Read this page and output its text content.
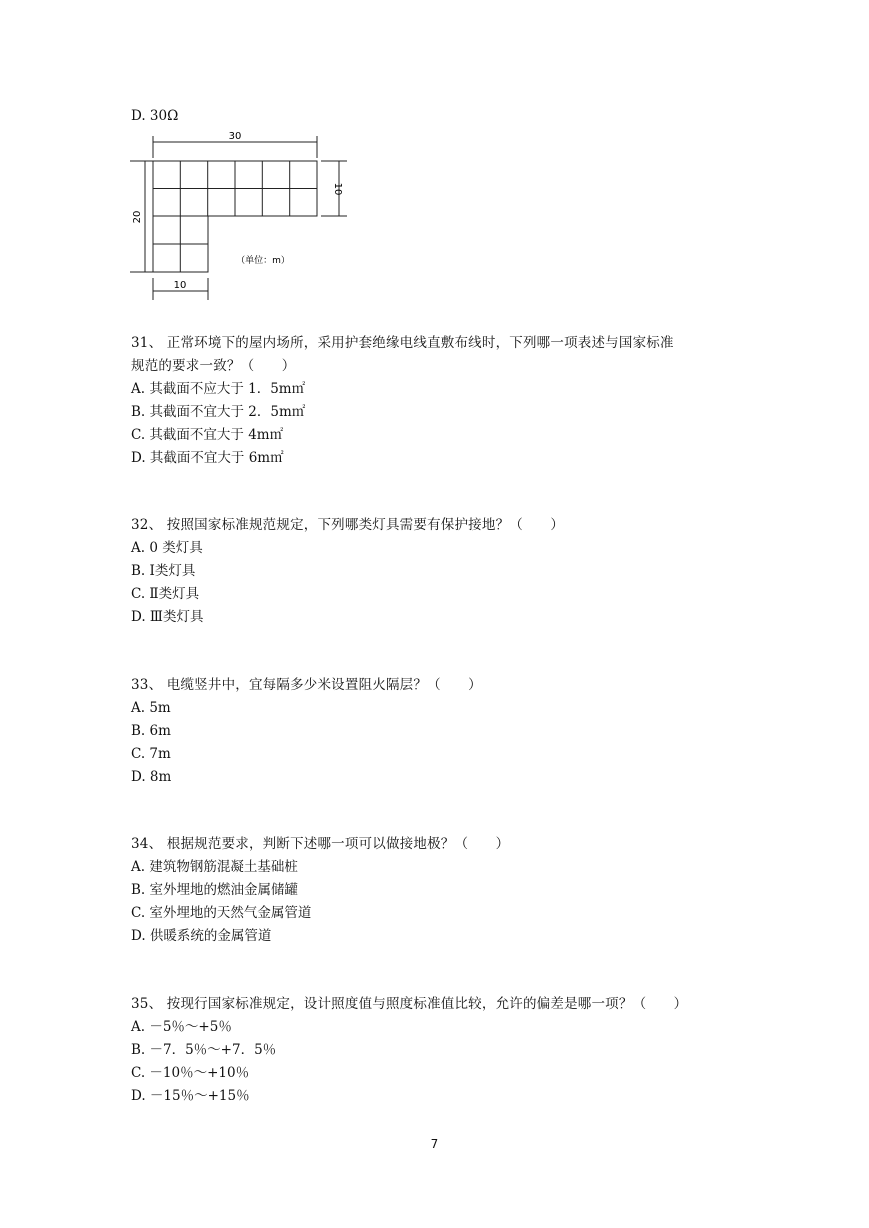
D. 30Ω
30
10
20
10
（单位：m）
31、 正常环境下的屋内场所，采用护套绝缘电线直敷布线时，下列哪一项表述与国家标准
规范的要求一致？（　　）
A. 其截面不应大于 1．5m㎡
B. 其截面不宜大于 2．5m㎡
C. 其截面不宜大于 4m㎡
D. 其截面不宜大于 6m㎡
32、 按照国家标准规范规定，下列哪类灯具需要有保护接地？（　　）
A. 0 类灯具
B. Ⅰ类灯具
C. Ⅱ类灯具
D. Ⅲ类灯具
33、 电缆竖井中，宜每隔多少米设置阻火隔层？（　　）
A. 5m
B. 6m
C. 7m
D. 8m
34、 根据规范要求，判断下述哪一项可以做接地极？（　　）
A. 建筑物钢筋混凝土基础桩
B. 室外埋地的燃油金属储罐
C. 室外埋地的天然气金属管道
D. 供暖系统的金属管道
35、 按现行国家标准规定，设计照度值与照度标准值比较，允许的偏差是哪一项？（　　）
A. －5％～+5％
B. －7．5％～+7．5％
C. －10％～+10％
D. －15％～+15％
7
